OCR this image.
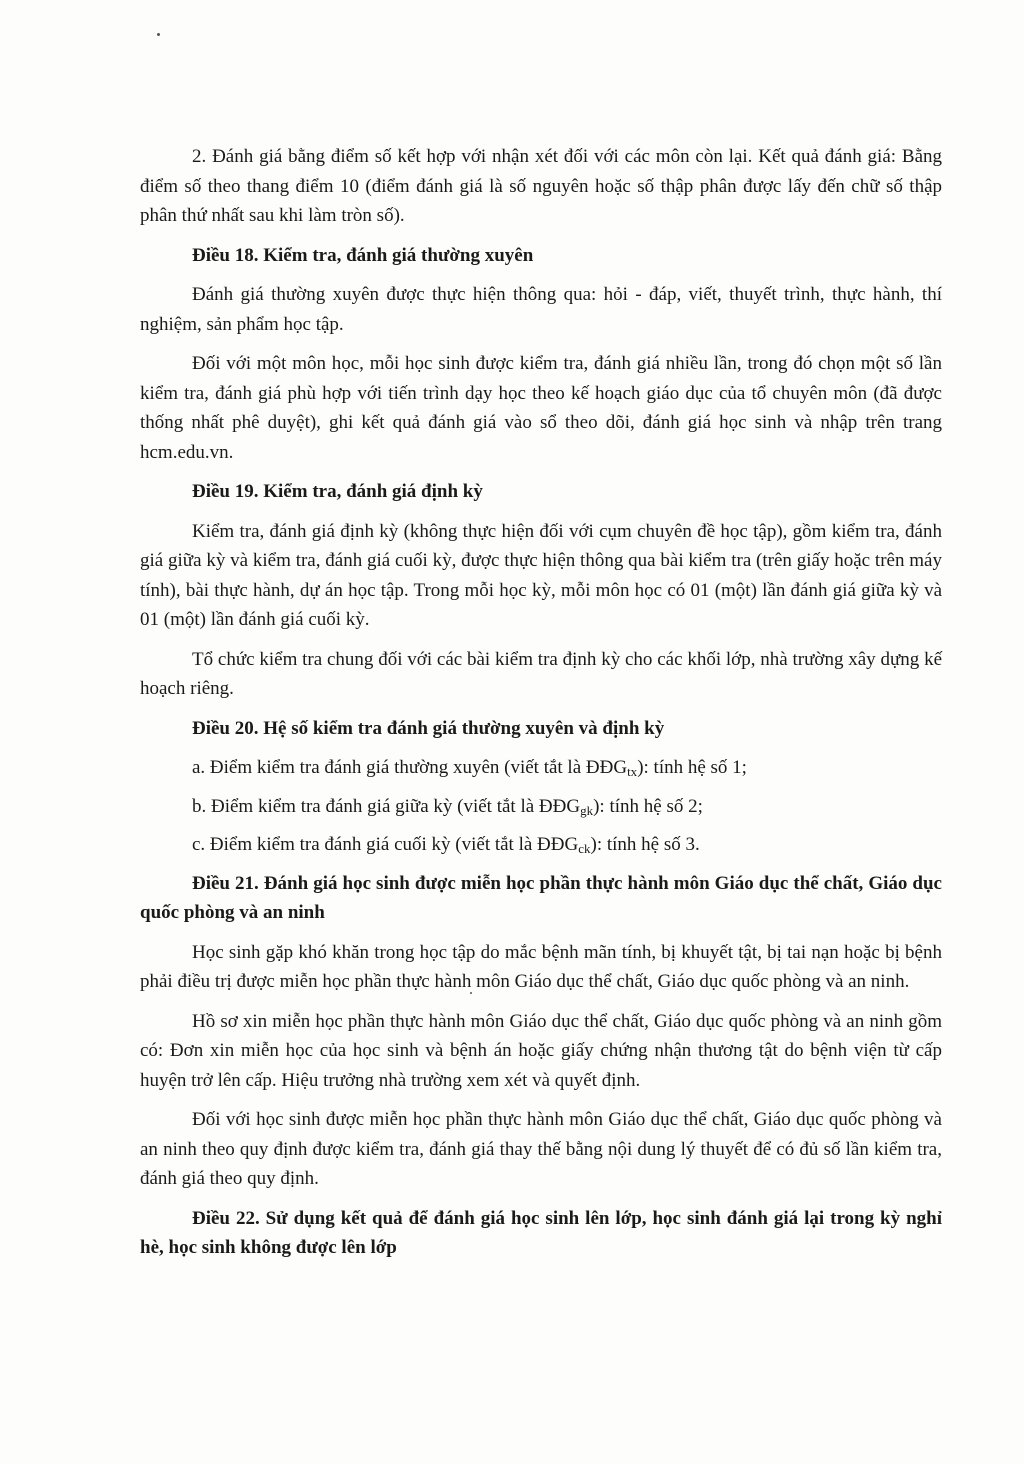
2. Đánh giá bằng điểm số kết hợp với nhận xét đối với các môn còn lại. Kết quả đánh giá: Bằng điểm số theo thang điểm 10 (điểm đánh giá là số nguyên hoặc số thập phân được lấy đến chữ số thập phân thứ nhất sau khi làm tròn số).

Điều 18. Kiểm tra, đánh giá thường xuyên

Đánh giá thường xuyên được thực hiện thông qua: hỏi - đáp, viết, thuyết trình, thực hành, thí nghiệm, sản phẩm học tập.

Đối với một môn học, mỗi học sinh được kiểm tra, đánh giá nhiều lần, trong đó chọn một số lần kiểm tra, đánh giá phù hợp với tiến trình dạy học theo kế hoạch giáo dục của tổ chuyên môn (đã được thống nhất phê duyệt), ghi kết quả đánh giá vào sổ theo dõi, đánh giá học sinh và nhập trên trang hcm.edu.vn.

Điều 19. Kiểm tra, đánh giá định kỳ

Kiểm tra, đánh giá định kỳ (không thực hiện đối với cụm chuyên đề học tập), gồm kiểm tra, đánh giá giữa kỳ và kiểm tra, đánh giá cuối kỳ, được thực hiện thông qua bài kiểm tra (trên giấy hoặc trên máy tính), bài thực hành, dự án học tập. Trong mỗi học kỳ, mỗi môn học có 01 (một) lần đánh giá giữa kỳ và 01 (một) lần đánh giá cuối kỳ.

Tổ chức kiểm tra chung đối với các bài kiểm tra định kỳ cho các khối lớp, nhà trường xây dựng kế hoạch riêng.

Điều 20. Hệ số kiểm tra đánh giá thường xuyên và định kỳ

a. Điểm kiểm tra đánh giá thường xuyên (viết tắt là $ĐĐG_{tx}$): tính hệ số 1;

b. Điểm kiểm tra đánh giá giữa kỳ (viết tắt là $ĐĐG_{gk}$): tính hệ số 2;

c. Điểm kiểm tra đánh giá cuối kỳ (viết tắt là $ĐĐG_{ck}$): tính hệ số 3.

Điều 21. Đánh giá học sinh được miễn học phần thực hành môn Giáo dục thể chất, Giáo dục quốc phòng và an ninh

Học sinh gặp khó khăn trong học tập do mắc bệnh mãn tính, bị khuyết tật, bị tai nạn hoặc bị bệnh phải điều trị được miễn học phần thực hành môn Giáo dục thể chất, Giáo dục quốc phòng và an ninh.

Hồ sơ xin miễn học phần thực hành môn Giáo dục thể chất, Giáo dục quốc phòng và an ninh gồm có: Đơn xin miễn học của học sinh và bệnh án hoặc giấy chứng nhận thương tật do bệnh viện từ cấp huyện trở lên cấp. Hiệu trưởng nhà trường xem xét và quyết định.

Đối với học sinh được miễn học phần thực hành môn Giáo dục thể chất, Giáo dục quốc phòng và an ninh theo quy định được kiểm tra, đánh giá thay thế bằng nội dung lý thuyết để có đủ số lần kiểm tra, đánh giá theo quy định.

Điều 22. Sử dụng kết quả để đánh giá học sinh lên lớp, học sinh đánh giá lại trong kỳ nghỉ hè, học sinh không được lên lớp
